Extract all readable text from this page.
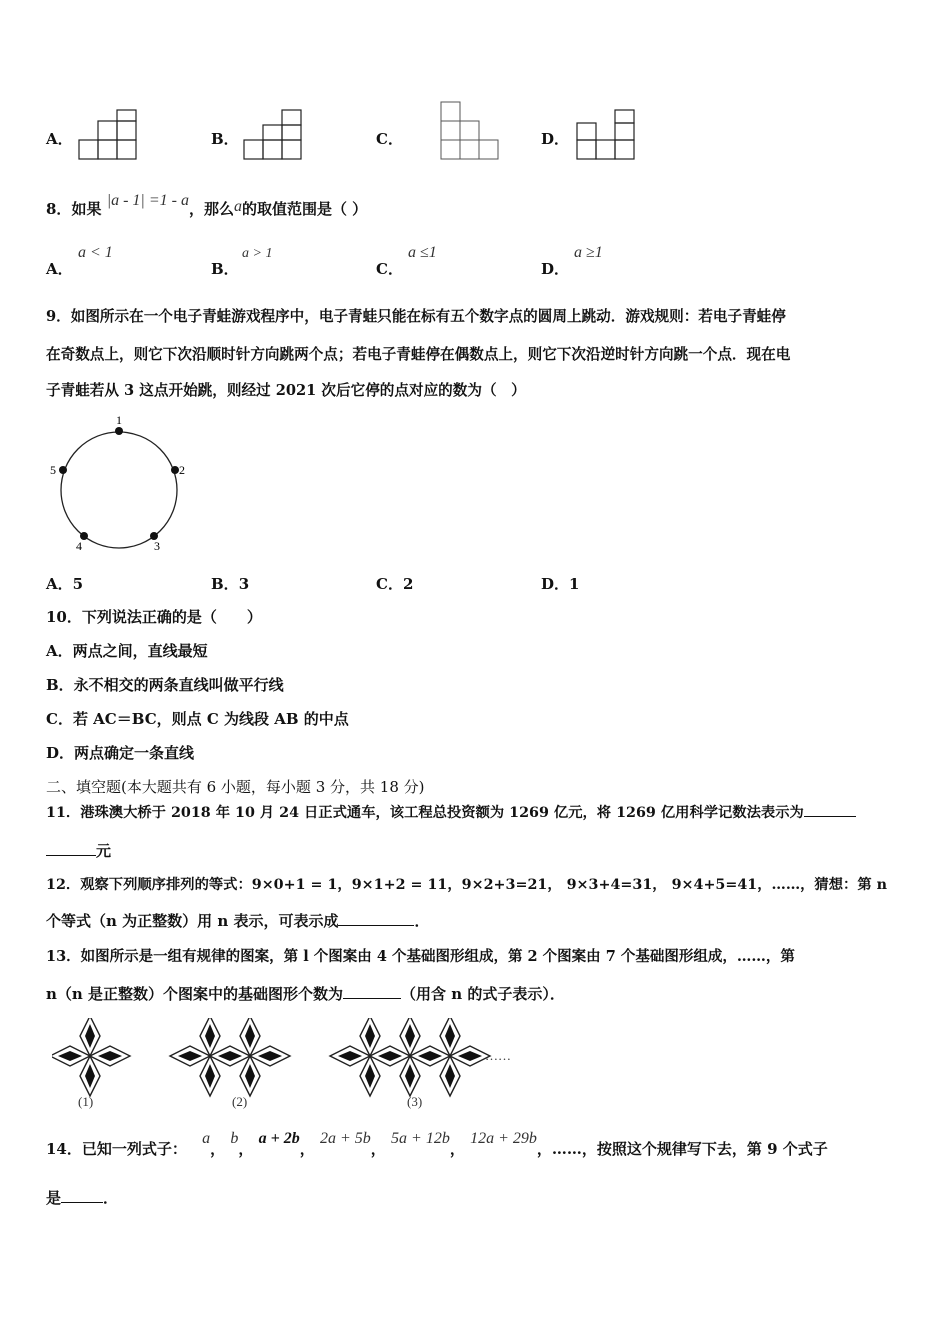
A．	B．	C．	D．
8．如果 |a - 1| =1 - a，那么a的取值范围是（ ）
A．
a < 1
B．
a > 1
C．
a ≤1
D．
a ≥1
9．如图所示在一个电子青蛙游戏程序中，电子青蛙只能在标有五个数字点的圆周上跳动．游戏规则：若电子青蛙停
在奇数点上，则它下次沿顺时针方向跳两个点；若电子青蛙停在偶数点上，则它下次沿逆时针方向跳一个点．现在电
子青蛙若从 3 这点开始跳，则经过 2021 次后它停的点对应的数为（　）
1
2
3
4
5
A．5	B．3	C．2	D．1
10．下列说法正确的是（　　）
A．两点之间，直线最短
B．永不相交的两条直线叫做平行线
C．若 AC＝BC，则点 C 为线段 AB 的中点
D．两点确定一条直线
二、填空题(本大题共有 6 小题，每小题 3 分，共 18 分)
11．港珠澳大桥于 2018 年 10 月 24 日正式通车，该工程总投资额为 1269 亿元，将 1269 亿用科学记数法表示为
元
12．观察下列顺序排列的等式：9×0+1 = 1，9×1+2 = 11，9×2+3=21， 9×3+4=31， 9×4+5=41，……，猜想：第 n
个等式（n 为正整数）用 n 表示，可表示成	．
13．如图所示是一组有规律的图案，第 l 个图案由 4 个基础图形组成，第 2 个图案由 7 个基础图形组成，……，第
n（n 是正整数）个图案中的基础图形个数为	（用含 n 的式子表示）．
……
(1)	(2)	(3)
14．已知一列式子： a， b， a + 2b， 2a + 5b， 5a + 12b， 12a + 29b，……，按照这个规律写下去，第 9 个式子
是	．
